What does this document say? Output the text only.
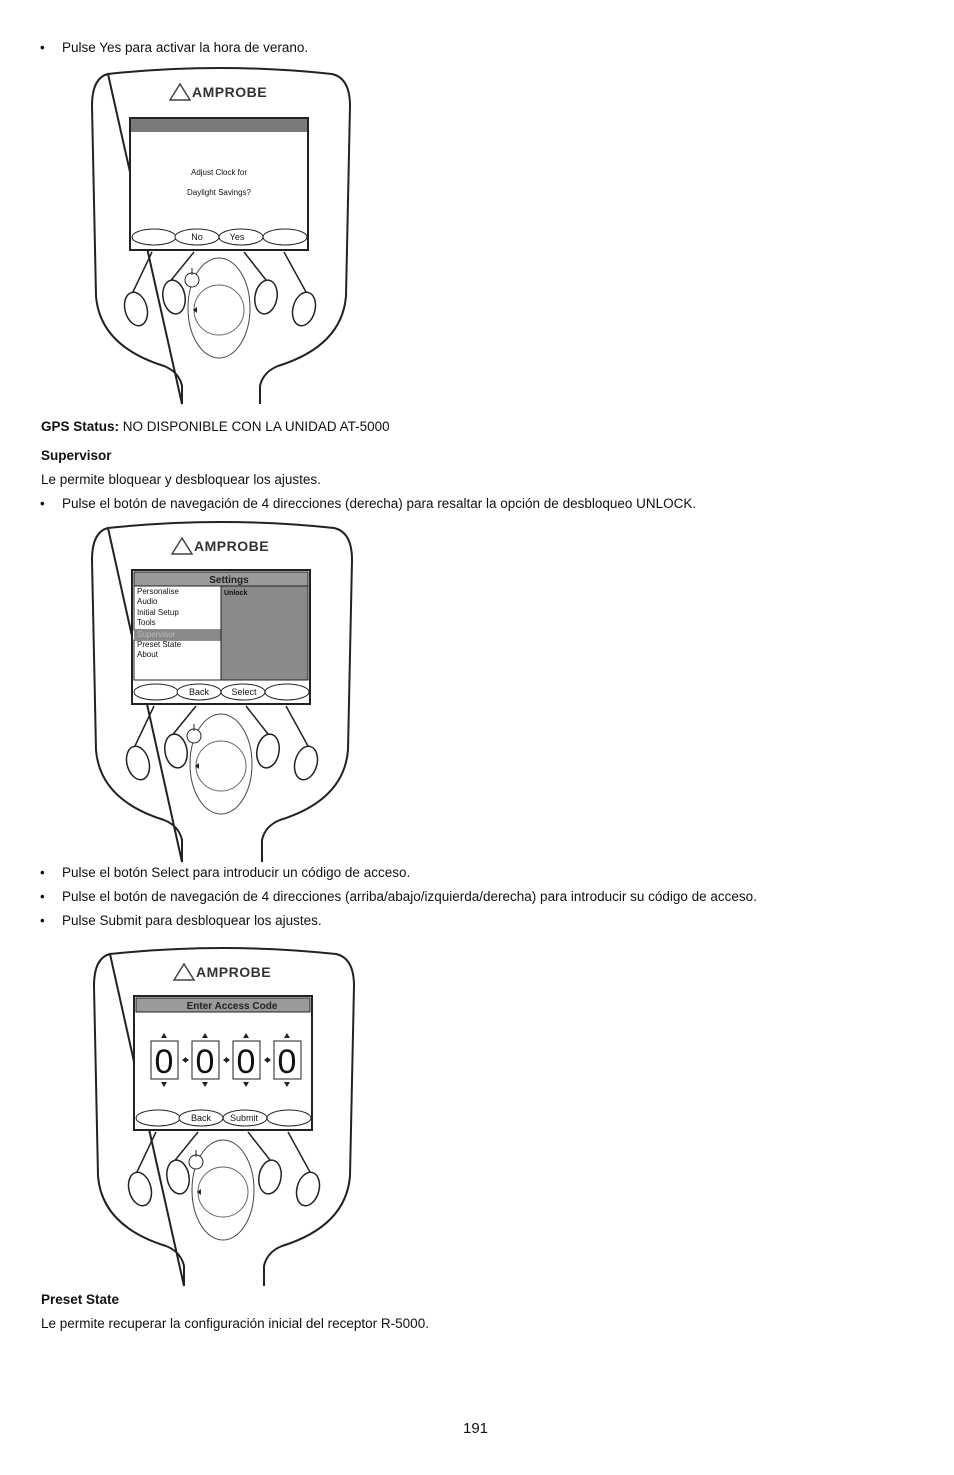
• Pulse Yes para activar la hora de verano.
GPS Status: NO DISPONIBLE CON LA UNIDAD AT-5000
Supervisor
Le permite bloquear y desbloquear los ajustes.
• Pulse el botón de navegación de 4 direcciones (derecha) para resaltar la opción de desbloqueo UNLOCK.
• Pulse el botón Select para introducir un código de acceso.
• Pulse el botón de navegación de 4 direcciones (arriba/abajo/izquierda/derecha) para introducir su código de acceso.
• Pulse Submit para desbloquear los ajustes.
Preset State
Le permite recuperar la configuración inicial del receptor R-5000.
191
AMPROBE
Adjust Clock for
Daylight Savings?
No	Yes
AMPROBE
Settings
Personalise
Audio
Initial Setup
Tools
Supervisor
Preset State
About
Unlock
Back Select
AMPROBE
Enter Access Code
0 0 0 0
Back Submit
